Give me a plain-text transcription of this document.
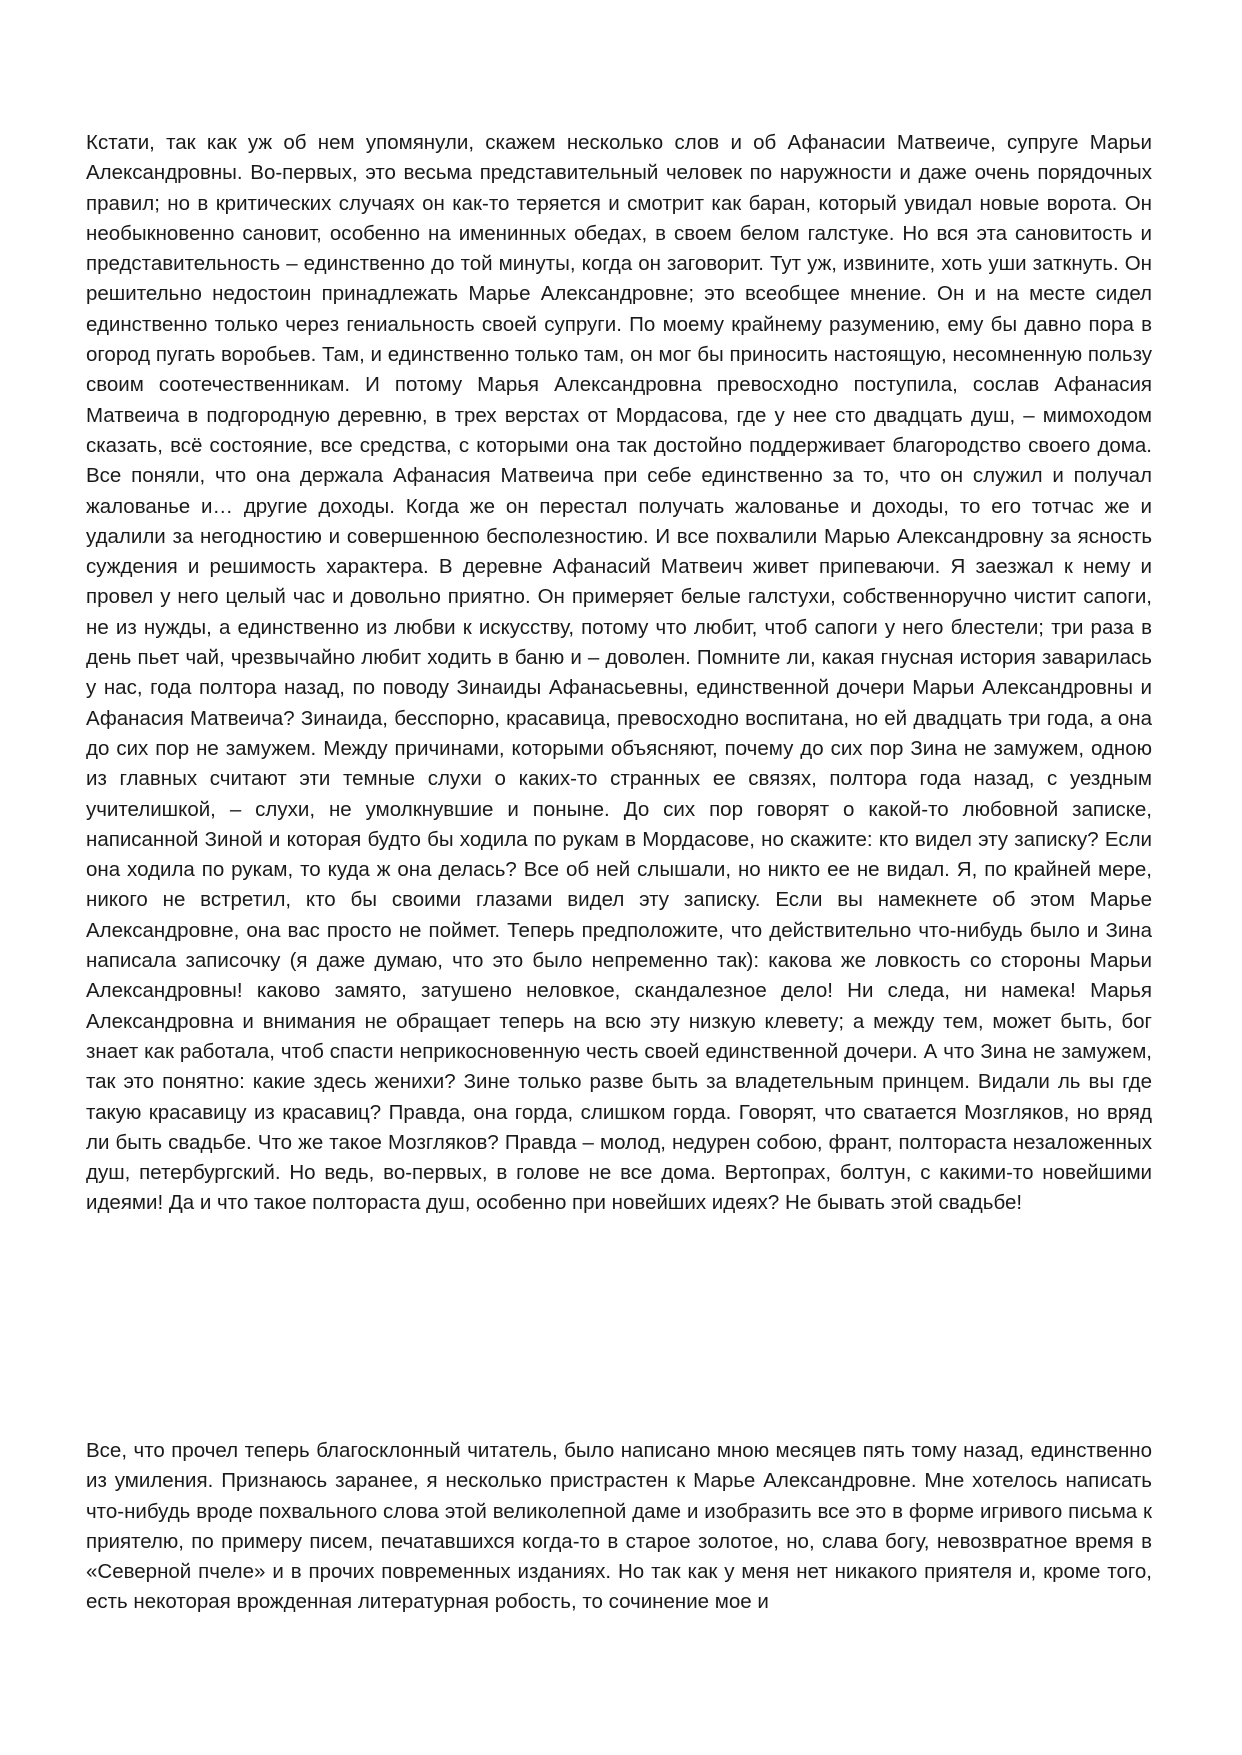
Кстати, так как уж об нем упомянули, скажем несколько слов и об Афанасии Матвеиче, супруге Марьи Александровны. Во-первых, это весьма представительный человек по наружности и даже очень порядочных правил; но в критических случаях он как-то теряется и смотрит как баран, который увидал новые ворота. Он необыкновенно сановит, особенно на именинных обедах, в своем белом галстуке. Но вся эта сановитость и представительность – единственно до той минуты, когда он заговорит. Тут уж, извините, хоть уши заткнуть. Он решительно недостоин принадлежать Марье Александровне; это всеобщее мнение. Он и на месте сидел единственно только через гениальность своей супруги. По моему крайнему разумению, ему бы давно пора в огород пугать воробьев. Там, и единственно только там, он мог бы приносить настоящую, несомненную пользу своим соотечественникам. И потому Марья Александровна превосходно поступила, сослав Афанасия Матвеича в подгородную деревню, в трех верстах от Мордасова, где у нее сто двадцать душ, – мимоходом сказать, всё состояние, все средства, с которыми она так достойно поддерживает благородство своего дома. Все поняли, что она держала Афанасия Матвеича при себе единственно за то, что он служил и получал жалованье и… другие доходы. Когда же он перестал получать жалованье и доходы, то его тотчас же и удалили за негодностию и совершенною бесполезностию. И все похвалили Марью Александровну за ясность суждения и решимость характера. В деревне Афанасий Матвеич живет припеваючи. Я заезжал к нему и провел у него целый час и довольно приятно. Он примеряет белые галстухи, собственноручно чистит сапоги, не из нужды, а единственно из любви к искусству, потому что любит, чтоб сапоги у него блестели; три раза в день пьет чай, чрезвычайно любит ходить в баню и – доволен. Помните ли, какая гнусная история заварилась у нас, года полтора назад, по поводу Зинаиды Афанасьевны, единственной дочери Марьи Александровны и Афанасия Матвеича? Зинаида, бесспорно, красавица, превосходно воспитана, но ей двадцать три года, а она до сих пор не замужем. Между причинами, которыми объясняют, почему до сих пор Зина не замужем, одною из главных считают эти темные слухи о каких-то странных ее связях, полтора года назад, с уездным учителишкой, – слухи, не умолкнувшие и поныне. До сих пор говорят о какой-то любовной записке, написанной Зиной и которая будто бы ходила по рукам в Мордасове, но скажите: кто видел эту записку? Если она ходила по рукам, то куда ж она делась? Все об ней слышали, но никто ее не видал. Я, по крайней мере, никого не встретил, кто бы своими глазами видел эту записку. Если вы намекнете об этом Марье Александровне, она вас просто не поймет. Теперь предположите, что действительно что-нибудь было и Зина написала записочку (я даже думаю, что это было непременно так): какова же ловкость со стороны Марьи Александровны! каково замято, затушено неловкое, скандалезное дело! Ни следа, ни намека! Марья Александровна и внимания не обращает теперь на всю эту низкую клевету; а между тем, может быть, бог знает как работала, чтоб спасти неприкосновенную честь своей единственной дочери. А что Зина не замужем, так это понятно: какие здесь женихи? Зине только разве быть за владетельным принцем. Видали ль вы где такую красавицу из красавиц? Правда, она горда, слишком горда. Говорят, что сватается Мозгляков, но вряд ли быть свадьбе. Что же такое Мозгляков? Правда – молод, недурен собою, франт, полтораста незаложенных душ, петербургский. Но ведь, во-первых, в голове не все дома. Вертопрах, болтун, с какими-то новейшими идеями! Да и что такое полтораста душ, особенно при новейших идеях? Не бывать этой свадьбе!

Все, что прочел теперь благосклонный читатель, было написано мною месяцев пять тому назад, единственно из умиления. Признаюсь заранее, я несколько пристрастен к Марье Александровне. Мне хотелось написать что-нибудь вроде похвального слова этой великолепной даме и изобразить все это в форме игривого письма к приятелю, по примеру писем, печатавшихся когда-то в старое золотое, но, слава богу, невозвратное время в «Северной пчеле» и в прочих повременных изданиях. Но так как у меня нет никакого приятеля и, кроме того, есть некоторая врожденная литературная робость, то сочинение мое и
